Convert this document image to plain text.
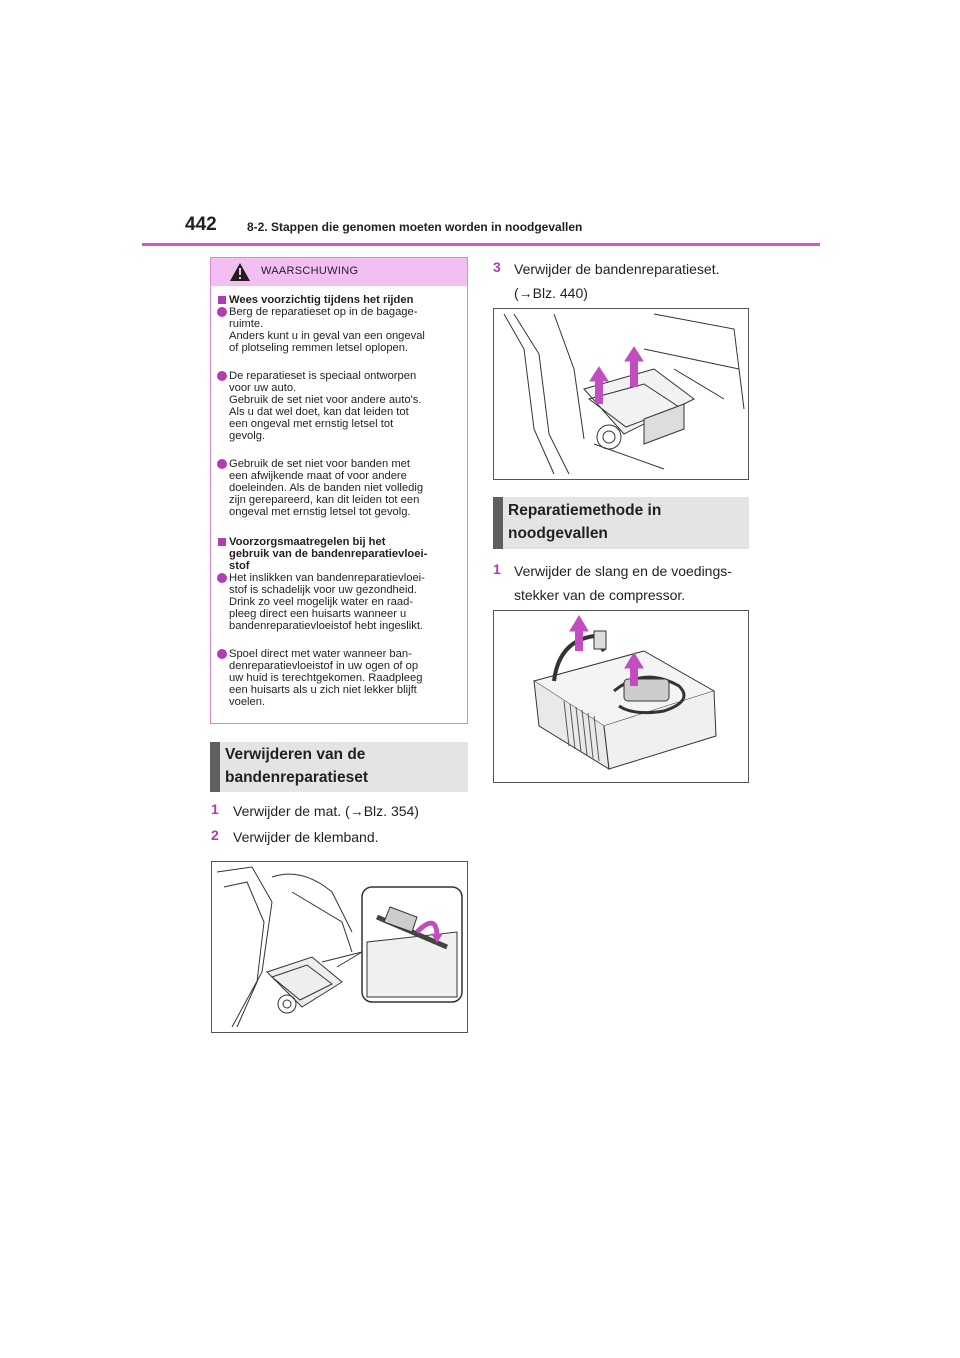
442	8-2. Stappen die genomen moeten worden in noodgevallen
WAARSCHUWING
Wees voorzichtig tijdens het rijden
Berg de reparatieset op in de bagage-
ruimte.
Anders kunt u in geval van een ongeval
of plotseling remmen letsel oplopen.
De reparatieset is speciaal ontworpen
voor uw auto.
Gebruik de set niet voor andere auto's.
Als u dat wel doet, kan dat leiden tot
een ongeval met ernstig letsel tot
gevolg.
Gebruik de set niet voor banden met
een afwijkende maat of voor andere
doeleinden. Als de banden niet volledig
zijn gerepareerd, kan dit leiden tot een
ongeval met ernstig letsel tot gevolg.
Voorzorgsmaatregelen bij het
gebruik van de bandenreparatievloei-
stof
Het inslikken van bandenreparatievloei-
stof is schadelijk voor uw gezondheid.
Drink zo veel mogelijk water en raad-
pleeg direct een huisarts wanneer u
bandenreparatievloeistof hebt ingeslikt.
Spoel direct met water wanneer ban-
denreparatievloeistof in uw ogen of op
uw huid is terechtgekomen. Raadpleeg
een huisarts als u zich niet lekker blijft
voelen.
Verwijderen van de
bandenreparatieset
1 Verwijder de mat. (→Blz. 354)
2 Verwijder de klemband.
3 Verwijder de bandenreparatieset.
(→Blz. 440)
Reparatiemethode in
noodgevallen
1 Verwijder de slang en de voedings-
stekker van de compressor.
